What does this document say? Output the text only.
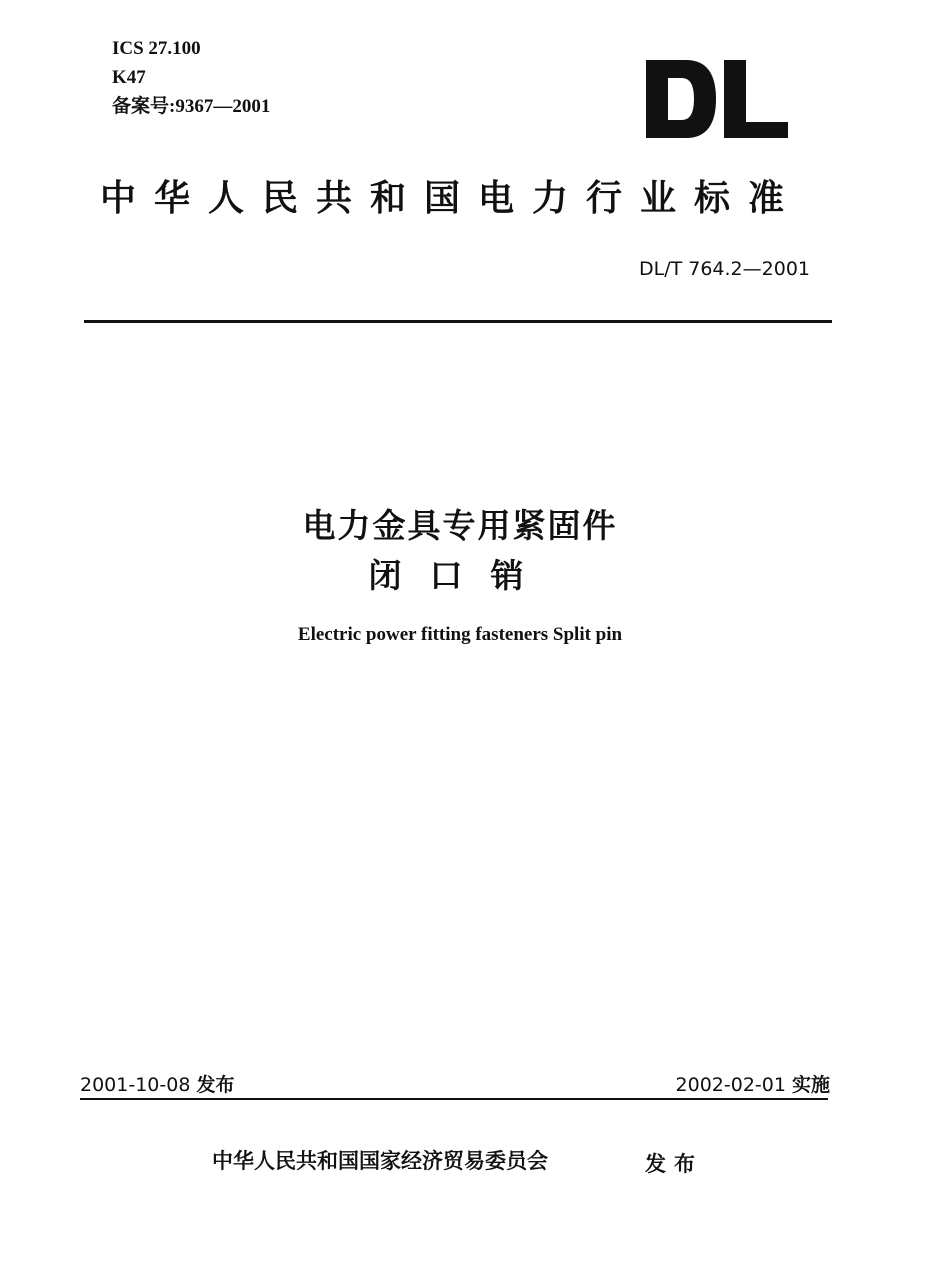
ICS 27.100
K47
备案号:9367—2001
中华人民共和国电力行业标准
DL/T 764.2—2001
电力金具专用紧固件
闭口销
Electric power fitting fasteners Split pin
2001-10-08 发布	2002-02-01 实施
中华人民共和国国家经济贸易委员会	发布
